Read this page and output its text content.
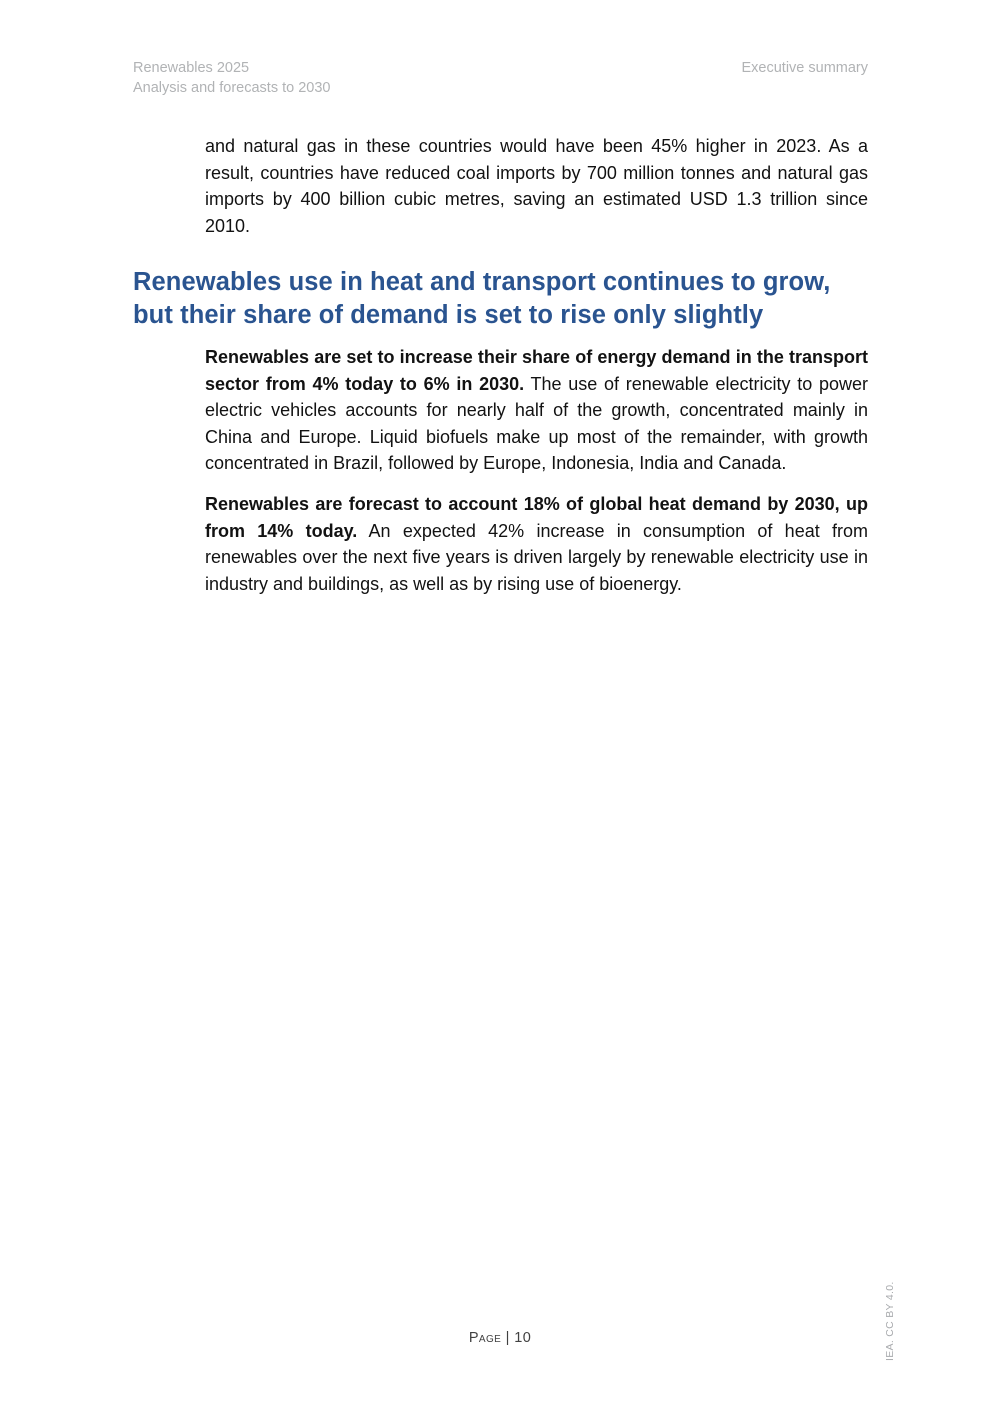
Renewables 2025
Analysis and forecasts to 2030
Executive summary

and natural gas in these countries would have been 45% higher in 2023. As a result, countries have reduced coal imports by 700 million tonnes and natural gas imports by 400 billion cubic metres, saving an estimated USD 1.3 trillion since 2010.

Renewables use in heat and transport continues to grow,
but their share of demand is set to rise only slightly

Renewables are set to increase their share of energy demand in the transport sector from 4% today to 6% in 2030. The use of renewable electricity to power electric vehicles accounts for nearly half of the growth, concentrated mainly in China and Europe. Liquid biofuels make up most of the remainder, with growth concentrated in Brazil, followed by Europe, Indonesia, India and Canada.

Renewables are forecast to account 18% of global heat demand by 2030, up from 14% today. An expected 42% increase in consumption of heat from renewables over the next five years is driven largely by renewable electricity use in industry and buildings, as well as by rising use of bioenergy.

Page | 10	IEA. CC BY 4.0.
